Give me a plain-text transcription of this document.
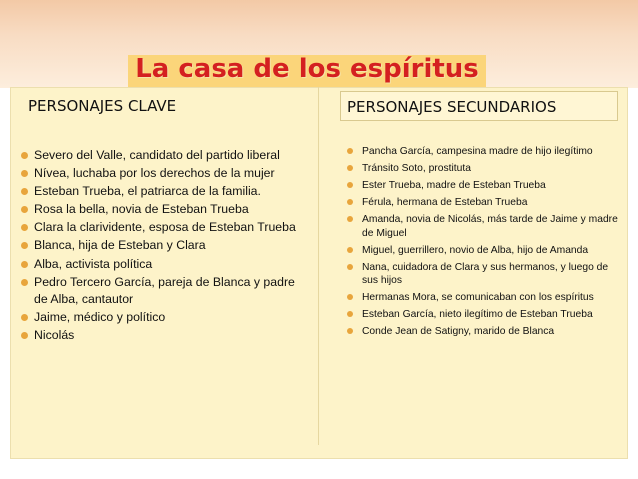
La casa de los espíritus
PERSONAJES CLAVE	PERSONAJES SECUNDARIOS
Severo del Valle, candidato del partido liberal
Nívea, luchaba por los derechos de la mujer
Esteban Trueba, el patriarca de la familia.
Rosa la bella, novia de Esteban Trueba
Clara la clarividente, esposa de Esteban Trueba
Blanca, hija de Esteban y Clara
Alba, activista política
Pedro Tercero García, pareja de Blanca y padre de Alba, cantautor
Jaime, médico y político
Nicolás
Pancha García, campesina madre de hijo ilegítimo
Tránsito Soto, prostituta
Ester Trueba, madre de Esteban Trueba
Férula, hermana de Esteban Trueba
Amanda, novia de Nicolás, más tarde de Jaime y madre de Miguel
Miguel, guerrillero, novio de Alba, hijo de Amanda
Nana, cuidadora de Clara y sus hermanos, y luego de sus hijos
Hermanas Mora, se comunicaban con los espíritus
Esteban García, nieto ilegítimo de Esteban Trueba
Conde Jean de Satigny, marido de Blanca
